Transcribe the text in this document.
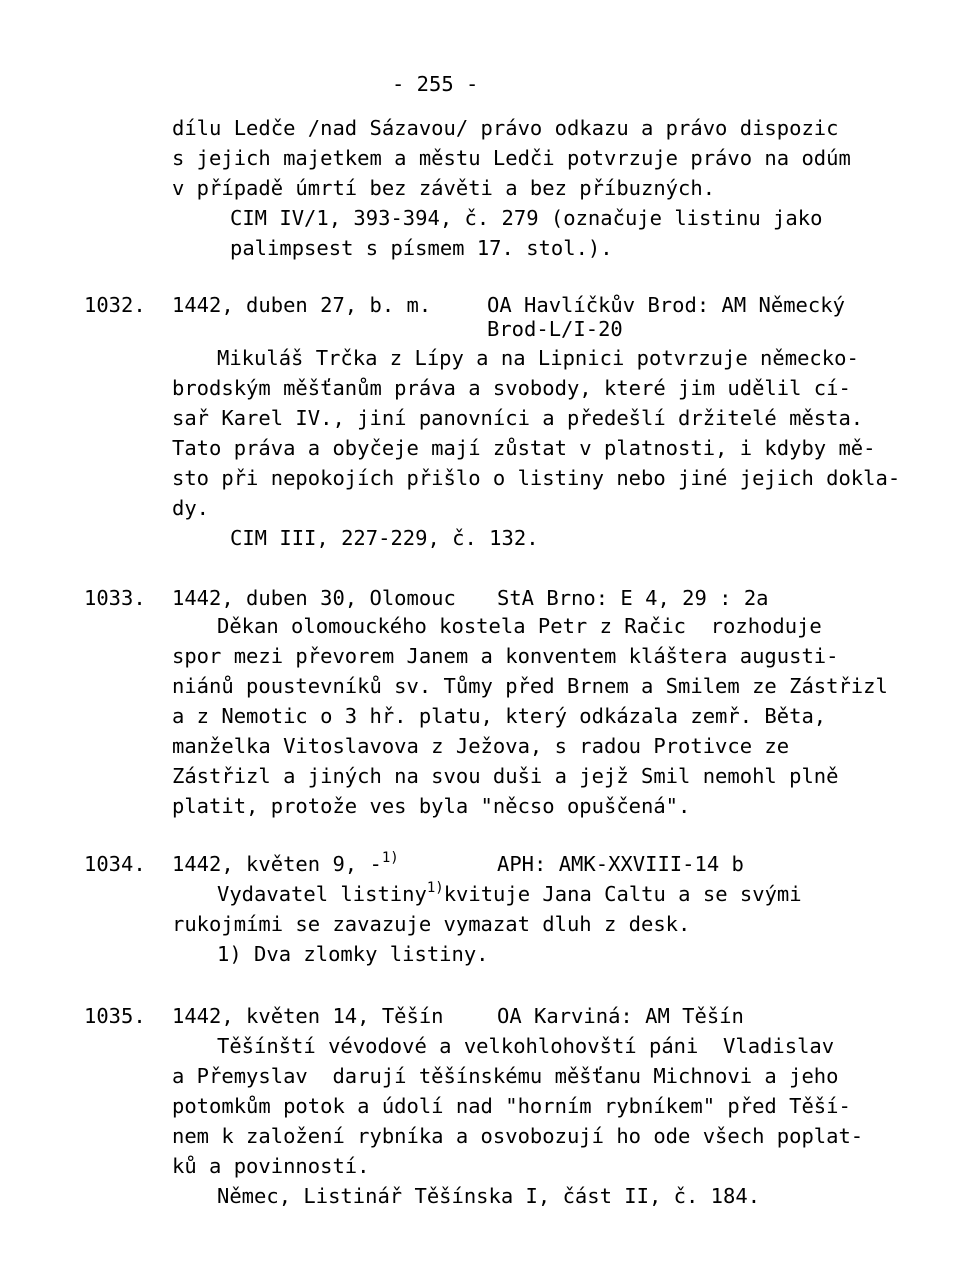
- 255 -
dílu Ledče /nad Sázavou/ právo odkazu a právo dispozic
s jejich majetkem a městu Ledči potvrzuje právo na odúm
v případě úmrtí bez závěti a bez příbuzných.
CIM IV/1, 393-394, č. 279 (označuje listinu jako
palimpsest s písmem 17. stol.).
1032. 1442, duben 27, b. m.	OA Havlíčkův Brod: AM Německý
Brod-L/I-20
Mikuláš Trčka z Lípy a na Lipnici potvrzuje německo-
brodským měšťanům práva a svobody, které jim udělil cí-
sař Karel IV., jiní panovníci a předešlí držitelé města.
Tato práva a obyčeje mají zůstat v platnosti, i kdyby mě-
sto při nepokojích přišlo o listiny nebo jiné jejich dokla-
dy.
CIM III, 227-229, č. 132.
1033. 1442, duben 30, Olomouc StA Brno: E 4, 29 : 2a
Děkan olomouckého kostela Petr z Račic  rozhoduje
spor mezi převorem Janem a konventem kláštera augusti-
niánů poustevníků sv. Tůmy před Brnem a Smilem ze Zástřizl
a z Nemotic o 3 hř. platu, který odkázala zemř. Běta,
manželka Vitoslavova z Ježova, s radou Protivce ze
Zástřizl a jiných na svou duši a jejž Smil nemohl plně
platit, protože ves byla "něcso opuščená".
1034. 1442, květen 9, -$^{1)}$	APH: AMK-XXVIII-14 b
Vydavatel listiny$^{1)}$kvituje Jana Caltu a se svými
rukojmími se zavazuje vymazat dluh z desk.
1) Dva zlomky listiny.
1035. 1442, květen 14, Těšín	OA Karviná: AM Těšín
Těšínští vévodové a velkohlohovští páni  Vladislav
a Přemyslav  darují těšínskému měšťanu Michnovi a jeho
potomkům potok a údolí nad "horním rybníkem" před Těší-
nem k založení rybníka a osvobozují ho ode všech poplat-
ků a povinností.
Němec, Listinář Těšínska I, část II, č. 184.
